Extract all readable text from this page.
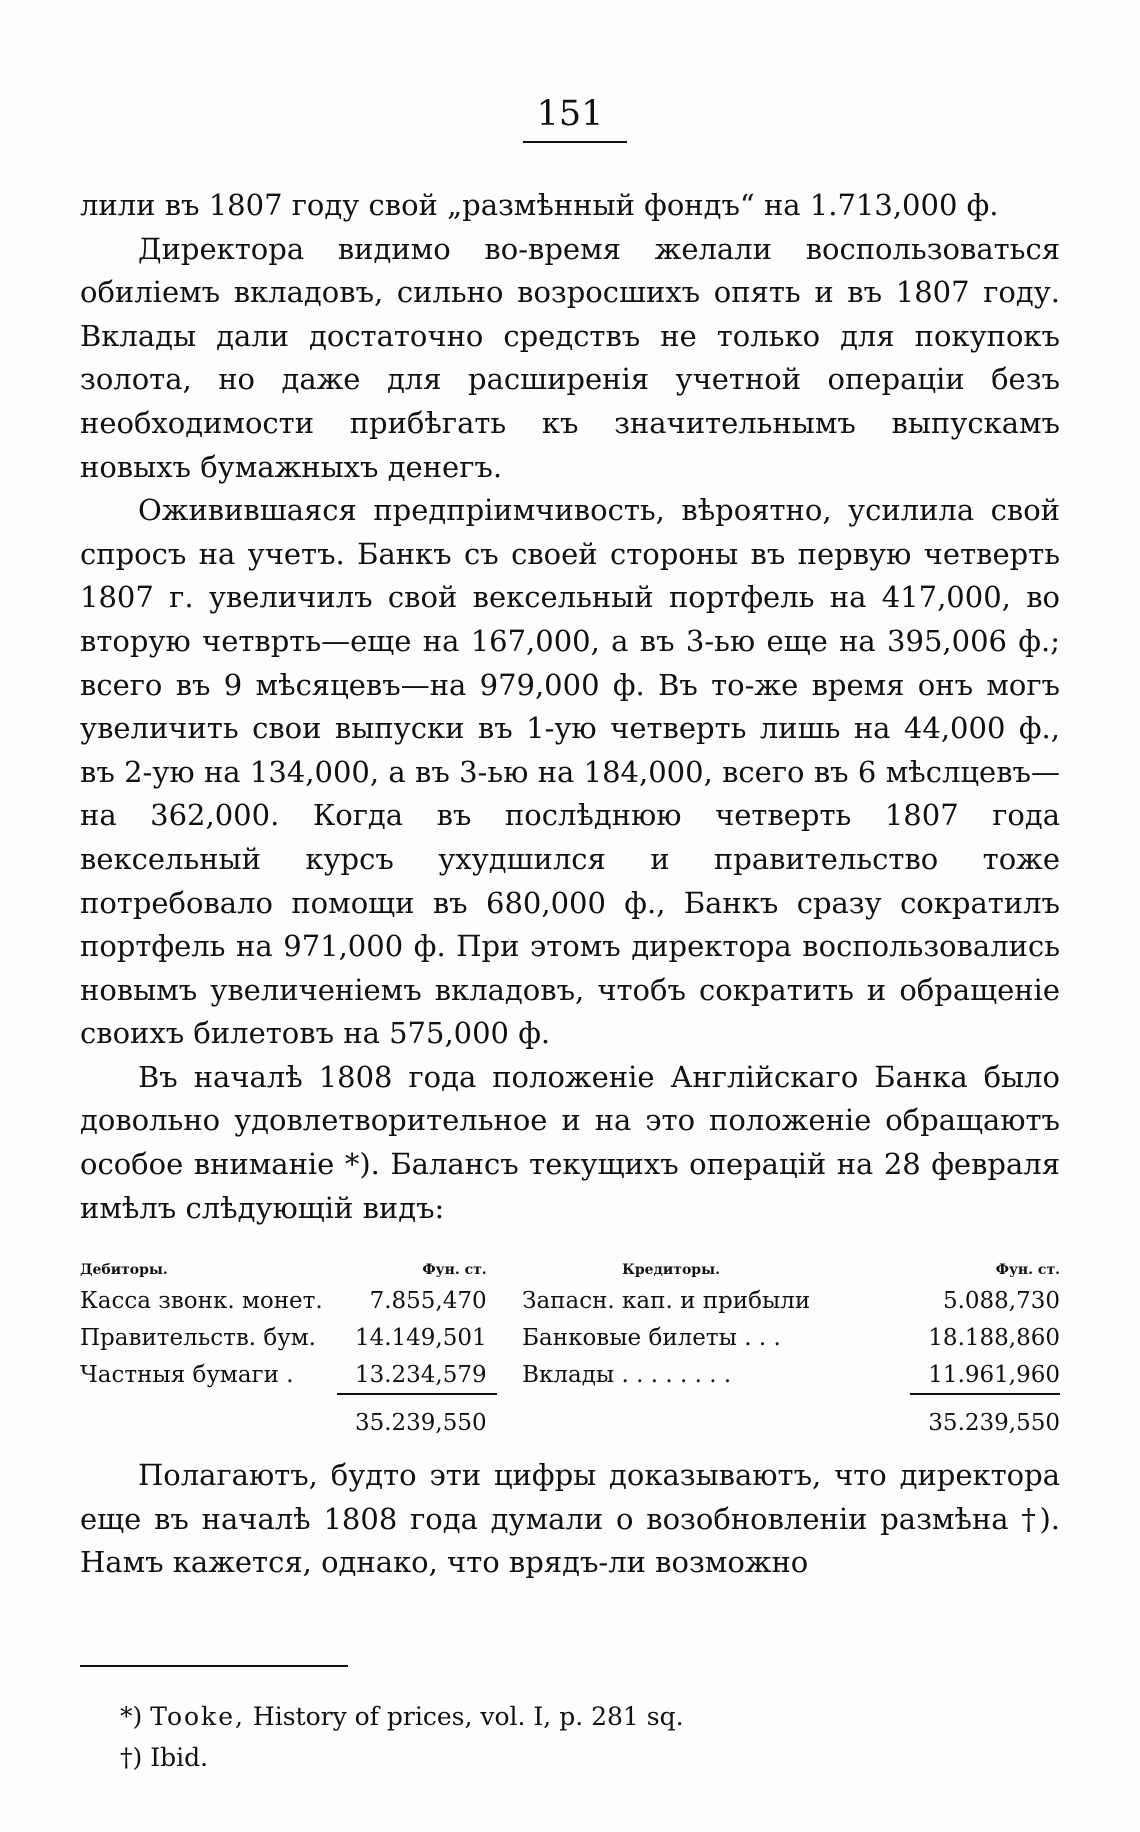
151

лили въ 1807 году свой „размѣнный фондъ“ на 1.713,000 ф.

Директора видимо во-время желали воспользоваться обиліемъ вкладовъ, сильно возросшихъ опять и въ 1807 году. Вклады дали достаточно средствъ не только для покупокъ золота, но даже для расширенія учетной операціи безъ необходимости прибѣгать къ значительнымъ выпускамъ новыхъ бумажныхъ денегъ.

Оживившаяся предпріимчивость, вѣроятно, усилила свой спросъ на учетъ. Банкъ съ своей стороны въ первую четверть 1807 г. увеличилъ свой вексельный портфель на 417,000, во вторую четврть—еще на 167,000, а въ 3-ью еще на 395,006 ф.; всего въ 9 мѣсяцевъ—на 979,000 ф. Въ то-же время онъ могъ увеличить свои выпуски въ 1-ую четверть лишь на 44,000 ф., въ 2-ую на 134,000, а въ 3-ью на 184,000, всего въ 6 мѣслцевъ—на 362,000. Когда въ послѣднюю четверть 1807 года вексельный курсъ ухудшился и правительство тоже потребовало помощи въ 680,000 ф., Банкъ сразу сократилъ портфель на 971,000 ф. При этомъ директора воспользовались новымъ увеличеніемъ вкладовъ, чтобъ сократить и обращеніе своихъ билетовъ на 575,000 ф.

Въ началѣ 1808 года положеніе Англійскаго Банка было довольно удовлетворительное и на это положеніе обращаютъ особое вниманіе *). Балансъ текущихъ операцій на 28 февраля имѣлъ слѣдующій видъ:

Дебиторы.	Фун. ст.		Кредиторы.	Фун. ст.
Касса звонк. монет.	7.855,470		Запасн. кап. и прибыли	5.088,730
Правительств. бум.	14.149,501		Банковые билеты . . .	18.188,860
Частныя бумаги .	13.234,579		Вклады . . . . . . . .	11.961,960
	35.239,550			35.239,550

Полагаютъ, будто эти цифры доказываютъ, что директора еще въ началѣ 1808 года думали о возобновленіи размѣна †). Намъ кажется, однако, что врядъ-ли возможно

*) Tooke, History of prices, vol. I, p. 281 sq.
†) Ibid.
